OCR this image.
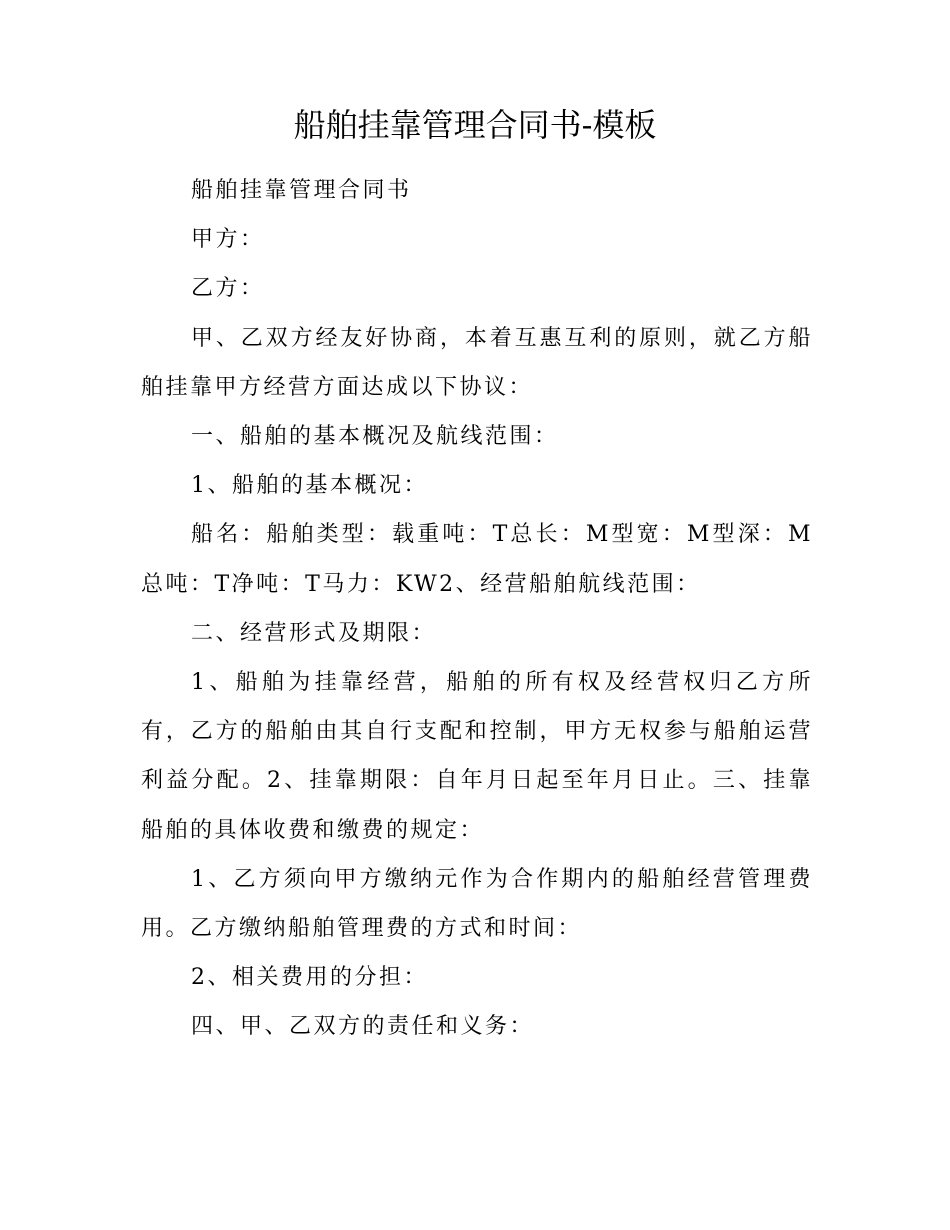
船舶挂靠管理合同书-模板

船舶挂靠管理合同书

甲方：

乙方：

甲、乙双方经友好协商，本着互惠互利的原则，就乙方船舶挂靠甲方经营方面达成以下协议：

一、船舶的基本概况及航线范围：

1、船舶的基本概况：

船名：船舶类型：载重吨：T总长：M型宽：M型深：M总吨：T净吨：T马力：KW2、经营船舶航线范围：

二、经营形式及期限：

1、船舶为挂靠经营，船舶的所有权及经营权归乙方所有，乙方的船舶由其自行支配和控制，甲方无权参与船舶运营利益分配。2、挂靠期限：自年月日起至年月日止。三、挂靠船舶的具体收费和缴费的规定：

1、乙方须向甲方缴纳元作为合作期内的船舶经营管理费用。乙方缴纳船舶管理费的方式和时间：

2、相关费用的分担：

四、甲、乙双方的责任和义务：
